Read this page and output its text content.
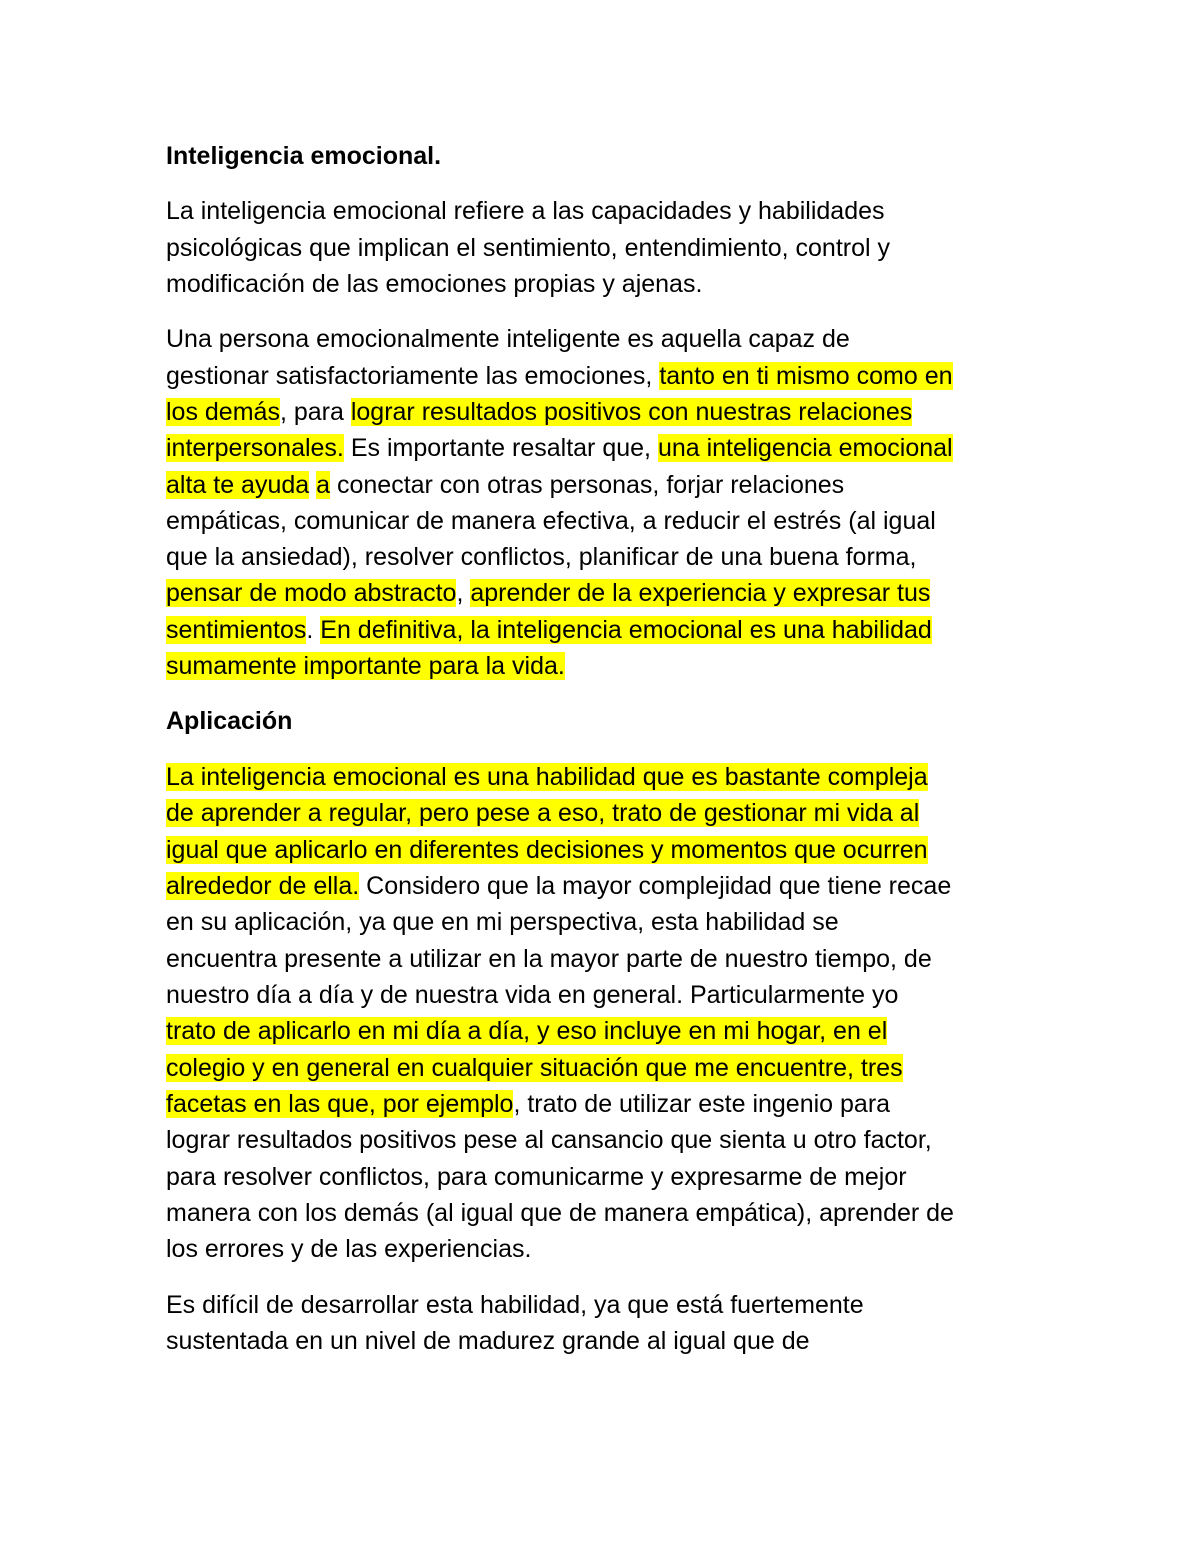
Inteligencia emocional.

La inteligencia emocional refiere a las capacidades y habilidades

psicológicas que implican el sentimiento, entendimiento, control y

modificación de las emociones propias y ajenas.

Una persona emocionalmente inteligente es aquella capaz de

gestionar satisfactoriamente las emociones, tanto en ti mismo como en

los demás, para lograr resultados positivos con nuestras relaciones

interpersonales. Es importante resaltar que, una inteligencia emocional

alta te ayuda a conectar con otras personas, forjar relaciones

empáticas, comunicar de manera efectiva, a reducir el estrés (al igual

que la ansiedad), resolver conflictos, planificar de una buena forma,

pensar de modo abstracto, aprender de la experiencia y expresar tus

sentimientos. En definitiva, la inteligencia emocional es una habilidad

sumamente importante para la vida.

Aplicación

La inteligencia emocional es una habilidad que es bastante compleja

de aprender a regular, pero pese a eso, trato de gestionar mi vida al

igual que aplicarlo en diferentes decisiones y momentos que ocurren

alrededor de ella. Considero que la mayor complejidad que tiene recae

en su aplicación, ya que en mi perspectiva, esta habilidad se

encuentra presente a utilizar en la mayor parte de nuestro tiempo, de

nuestro día a día y de nuestra vida en general. Particularmente yo

trato de aplicarlo en mi día a día, y eso incluye en mi hogar, en el

colegio y en general en cualquier situación que me encuentre, tres

facetas en las que, por ejemplo, trato de utilizar este ingenio para

lograr resultados positivos pese al cansancio que sienta u otro factor,

para resolver conflictos, para comunicarme y expresarme de mejor

manera con los demás (al igual que de manera empática), aprender de

los errores y de las experiencias.

Es difícil de desarrollar esta habilidad, ya que está fuertemente

sustentada en un nivel de madurez grande al igual que de
